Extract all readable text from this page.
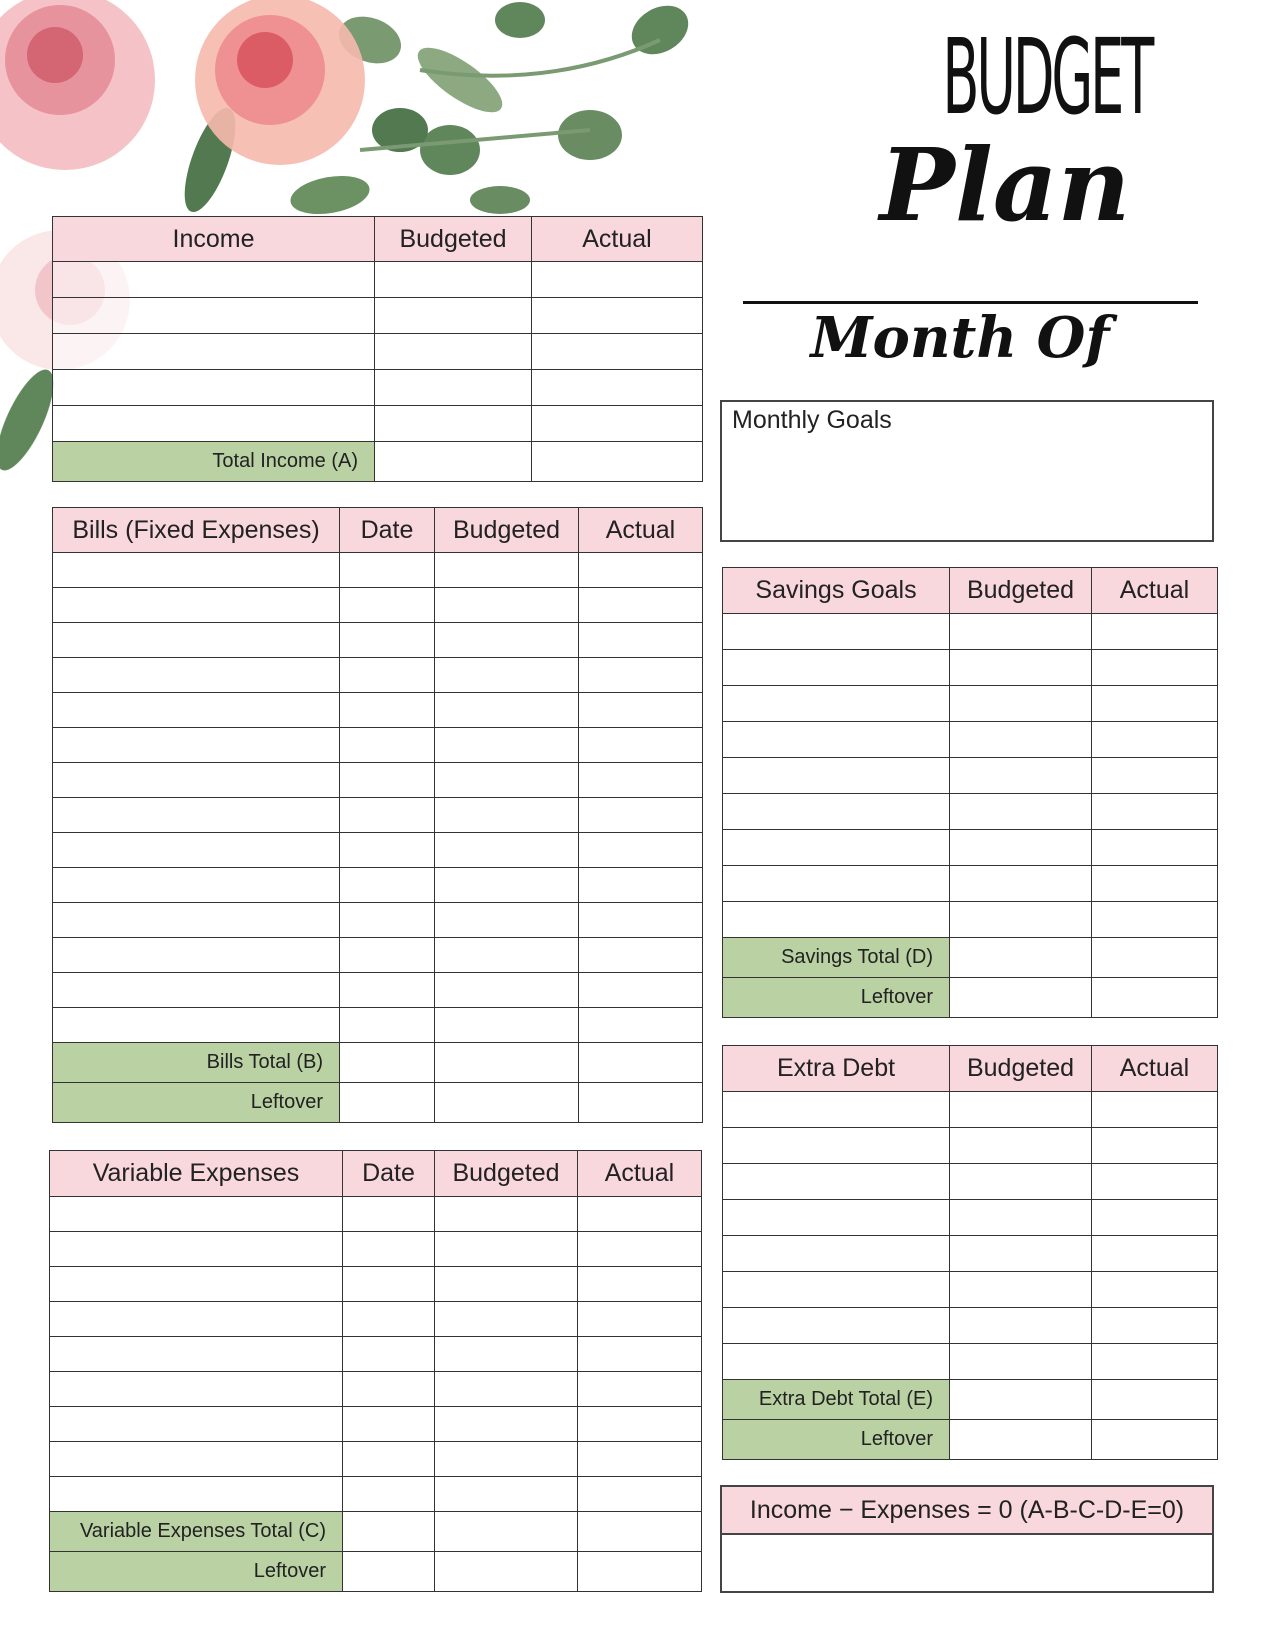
BUDGET
Plan
Month Of
Monthly Goals
Income	Budgeted	Actual

Total Income (A)		
Bills (Fixed Expenses)	Date	Budgeted	Actual

Bills Total (B)			
Leftover			
Variable Expenses	Date	Budgeted	Actual

Variable Expenses Total (C)			
Leftover			
Savings Goals	Budgeted	Actual

Savings Total (D)		
Leftover		
Extra Debt	Budgeted	Actual

Extra Debt Total (E)		
Leftover		
Income − Expenses = 0 (A-B-C-D-E=0)
